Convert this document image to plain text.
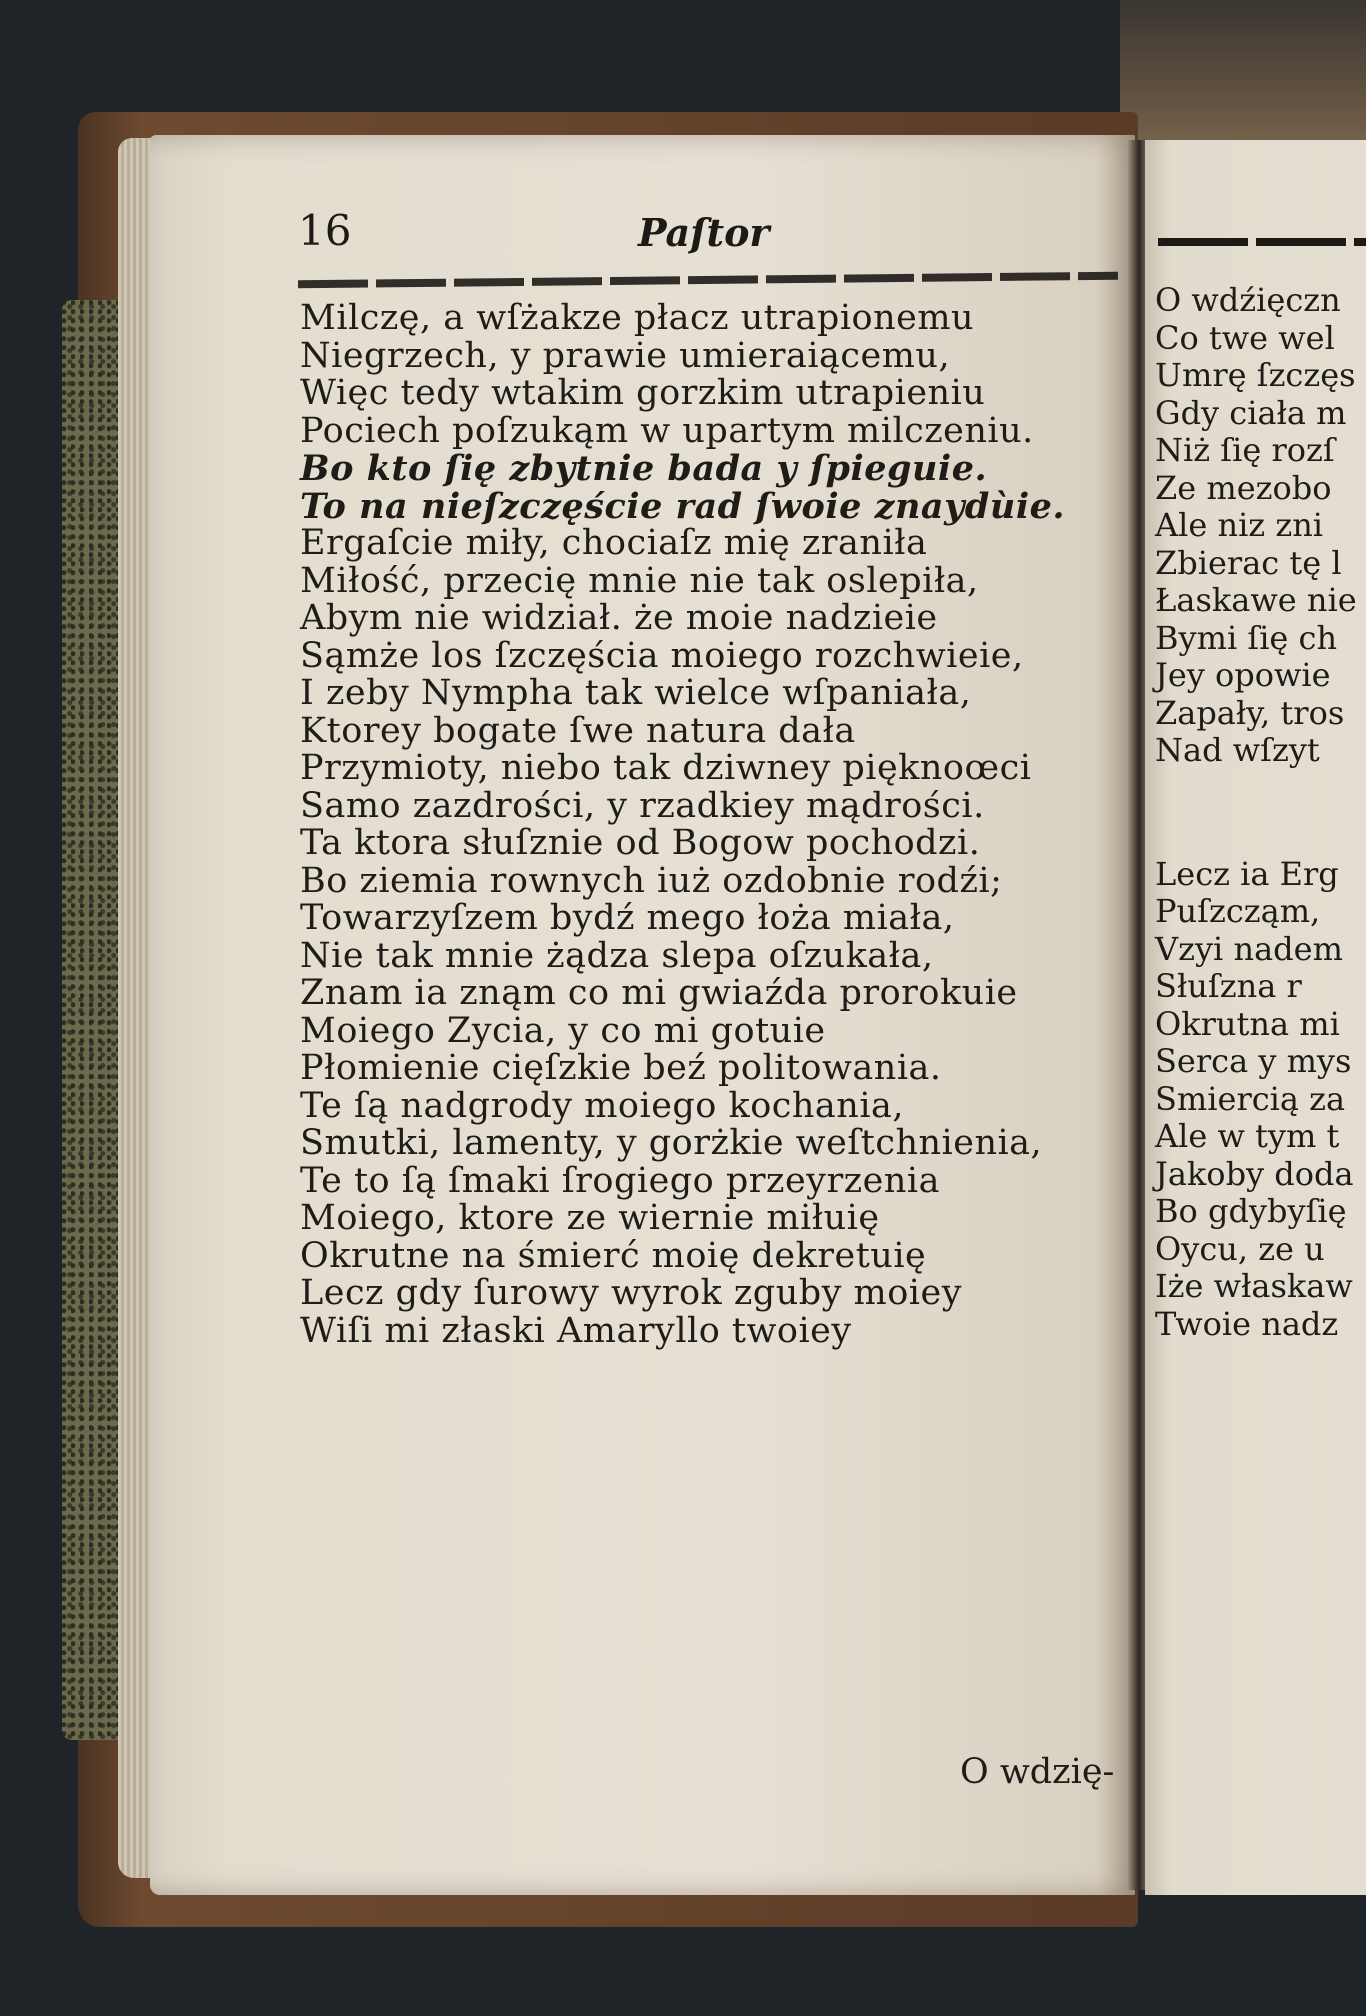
16	Paſtor
Milczę, a wſżakze płacz utrapionemu
Niegrzech, y prawie umieraiącemu,
Więc tedy wtakim gorzkim utrapieniu
Pociech poſzukąm w upartym milczeniu.
Bo kto ſię zbytnie bada y ſpieguie.
To na nieſzczęście rad ſwoie znaydùie.
Ergaſcie miły, chociaſz mię zraniła
Miłość, przecię mnie nie tak oslepiła,
Abym nie widział. że moie nadzieie
Sąmże los ſzczęścia moiego rozchwieie,
I zeby Nympha tak wielce wſpaniała,
Ktorey bogate ſwe natura dała
Przymioty, niebo tak dziwney pięknoœci
Samo zazdrości, y rzadkiey mądrości.
Ta ktora słuſznie od Bogow pochodzi.
Bo ziemia rownych iuż ozdobnie rodźi;
Towarzyſzem bydź mego łoża miała,
Nie tak mnie żądza slepa oſzukała,
Znam ia znąm co mi gwiaźda prorokuie
Moiego Zycia, y co mi gotuie
Płomienie cięſzkie beź politowania.
Te ſą nadgrody moiego kochania,
Smutki, lamenty, y gorżkie weſtchnienia,
Te to ſą ſmaki ſrogiego przeyrzenia
Moiego, ktore ze wiernie miłuię
Okrutne na śmierć moię dekretuię
Lecz gdy ſurowy wyrok zguby moiey
Wiſi mi złaski Amaryllo twoiey
O wdzię-
O wdźięczn
Co twe wel
Umrę ſzczęs
Gdy ciała m
Niż ſię rozſ
Ze mezobo
Ale niz zni
Zbierac tę l
Łaskawe nie
Bymi ſię ch
Jey opowie
Zapały, tros
Nad wſzyt
Lecz ia Erg
Puſzcząm,
Vzyi nadem
Słuſzna r
Okrutna mi
Serca y mys
Smiercią za
Ale w tym t
Jakoby doda
Bo gdybyſię
Oycu, ze u
Iże właskaw
Twoie nadz
